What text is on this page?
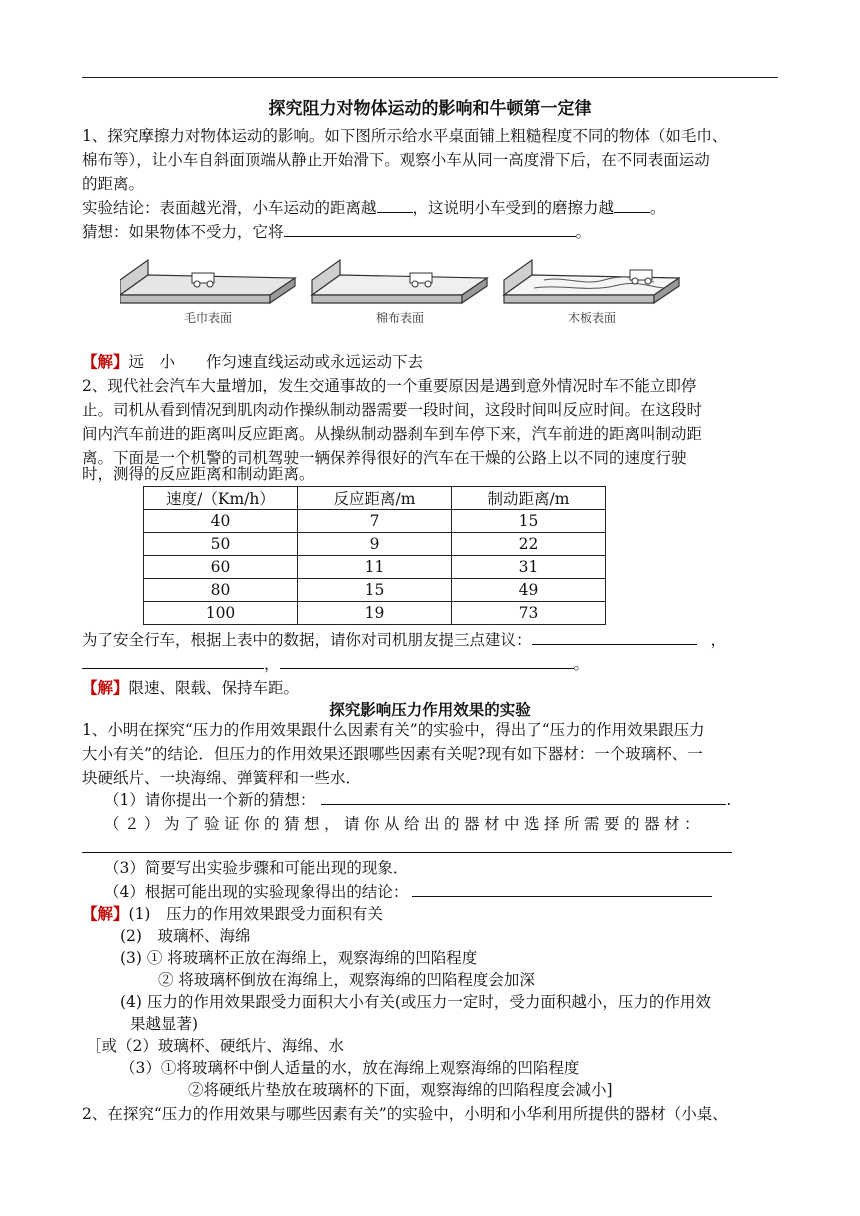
探究阻力对物体运动的影响和牛顿第一定律
1、探究摩擦力对物体运动的影响。如下图所示给水平桌面铺上粗糙程度不同的物体（如毛巾、
棉布等），让小车自斜面顶端从静止开始滑下。观察小车从同一高度滑下后，在不同表面运动
的距离。
实验结论：表面越光滑，小车运动的距离越 ，这说明小车受到的磨擦力越 。
猜想：如果物体不受力，它将	。
毛巾表面	棉布表面	木板表面
【解】远　小　　作匀速直线运动或永远运动下去
2、现代社会汽车大量增加，发生交通事故的一个重要原因是遇到意外情况时车不能立即停
止。司机从看到情况到肌肉动作操纵制动器需要一段时间，这段时间叫反应时间。在这段时
间内汽车前进的距离叫反应距离。从操纵制动器刹车到车停下来，汽车前进的距离叫制动距
离。下面是一个机警的司机驾驶一辆保养得很好的汽车在干燥的公路上以不同的速度行驶
时，测得的反应距离和制动距离。
速度/（Km/h）	反应距离/m	制动距离/m
40	7	15
50	9	22
60	11	31
80	15	49
100	19	73
为了安全行车，根据上表中的数据，请你对司机朋友提三点建议：	，
，	。
【解】限速、限载、保持车距。
探究影响压力作用效果的实验
1、小明在探究“压力的作用效果跟什么因素有关”的实验中，得出了“压力的作用效果跟压力
大小有关”的结论．但压力的作用效果还跟哪些因素有关呢?现有如下器材：一个玻璃杯、一
块硬纸片、一块海绵、弹簧秤和一些水．
（1）请你提出一个新的猜想：	.
（２）为了验证你的猜想，请你从给出的器材中选择所需要的器材：
（3）简要写出实验步骤和可能出现的现象．
（4）根据可能出现的实验现象得出的结论：
【解】(1)　压力的作用效果跟受力面积有关
(2)　玻璃杯、海绵
(3) ① 将玻璃杯正放在海绵上，观察海绵的凹陷程度
② 将玻璃杯倒放在海绵上，观察海绵的凹陷程度会加深
(4) 压力的作用效果跟受力面积大小有关(或压力一定时，受力面积越小，压力的作用效
果越显著)
［或（2）玻璃杯、硬纸片、海绵、水
（3）①将玻璃杯中倒人适量的水，放在海绵上观察海绵的凹陷程度
②将硬纸片垫放在玻璃杯的下面，观察海绵的凹陷程度会减小]
2、在探究“压力的作用效果与哪些因素有关”的实验中，小明和小华利用所提供的器材（小桌、
